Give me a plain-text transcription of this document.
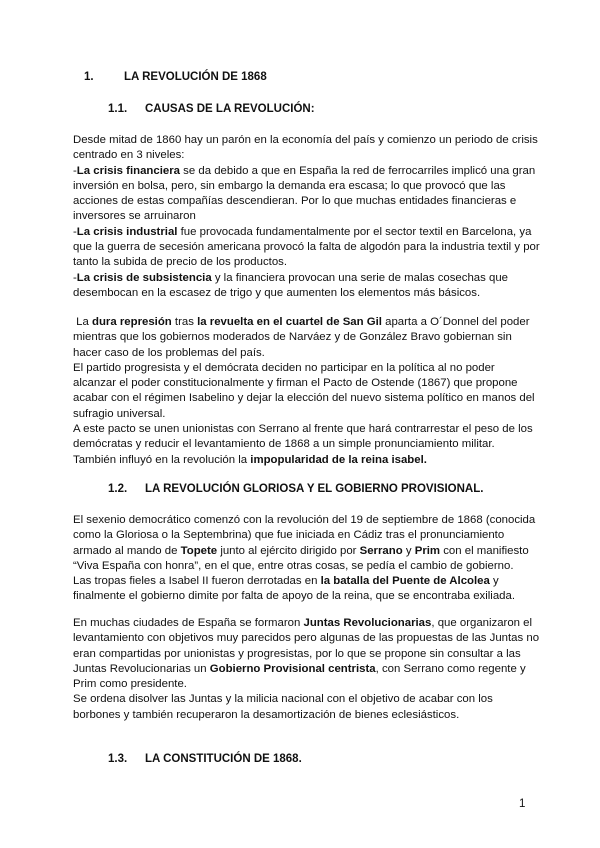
1.	LA REVOLUCIÓN DE 1868
1.1. CAUSAS DE LA REVOLUCIÓN:
Desde mitad de 1860 hay un parón en la economía del país y comienzo un periodo de crisis
centrado en 3 niveles:
-La crisis financiera se da debido a que en España la red de ferrocarriles implicó una gran
inversión en bolsa, pero, sin embargo la demanda era escasa; lo que provocó que las
acciones de estas compañías descendieran. Por lo que muchas entidades financieras e
inversores se arruinaron
-La crisis industrial fue provocada fundamentalmente por el sector textil en Barcelona, ya
que la guerra de secesión americana provocó la falta de algodón para la industria textil y por
tanto la subida de precio de los productos.
-La crisis de subsistencia y la financiera provocan una serie de malas cosechas que
desembocan en la escasez de trigo y que aumenten los elementos más básicos.
La dura represión tras la revuelta en el cuartel de San Gil aparta a O´Donnel del poder
mientras que los gobiernos moderados de Narváez y de González Bravo gobiernan sin
hacer caso de los problemas del país.
El partido progresista y el demócrata deciden no participar en la política al no poder
alcanzar el poder constitucionalmente y firman el Pacto de Ostende (1867) que propone
acabar con el régimen Isabelino y dejar la elección del nuevo sistema político en manos del
sufragio universal.
A este pacto se unen unionistas con Serrano al frente que hará contrarrestar el peso de los
demócratas y reducir el levantamiento de 1868 a un simple pronunciamiento militar.
También influyó en la revolución la impopularidad de la reina isabel.
1.2. LA REVOLUCIÓN GLORIOSA Y EL GOBIERNO PROVISIONAL.
El sexenio democrático comenzó con la revolución del 19 de septiembre de 1868 (conocida
como la Gloriosa o la Septembrina) que fue iniciada en Cádiz tras el pronunciamiento
armado al mando de Topete junto al ejército dirigido por Serrano y Prim con el manifiesto
“Viva España con honra”, en el que, entre otras cosas, se pedía el cambio de gobierno.
Las tropas fieles a Isabel II fueron derrotadas en la batalla del Puente de Alcolea y
finalmente el gobierno dimite por falta de apoyo de la reina, que se encontraba exiliada.
En muchas ciudades de España se formaron Juntas Revolucionarias, que organizaron el
levantamiento con objetivos muy parecidos pero algunas de las propuestas de las Juntas no
eran compartidas por unionistas y progresistas, por lo que se propone sin consultar a las
Juntas Revolucionarias un Gobierno Provisional centrista, con Serrano como regente y
Prim como presidente.
Se ordena disolver las Juntas y la milicia nacional con el objetivo de acabar con los
borbones y también recuperaron la desamortización de bienes eclesiásticos.
1.3. LA CONSTITUCIÓN DE 1868.
1
